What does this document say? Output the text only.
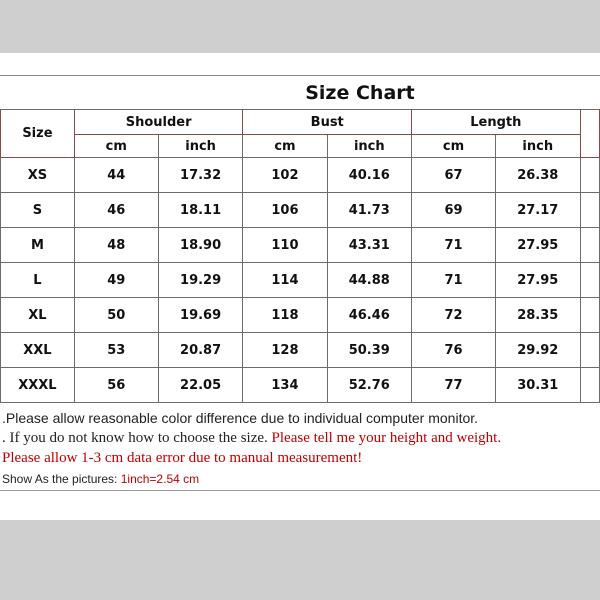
Size Chart
Size	Shoulder		Bust		Length		
	cm	inch	cm	inch	cm	inch	
XS	44	17.32	102	40.16	67	26.38	
S	46	18.11	106	41.73	69	27.17	
M	48	18.90	110	43.31	71	27.95	
L	49	19.29	114	44.88	71	27.95	
XL	50	19.69	118	46.46	72	28.35	
XXL	53	20.87	128	50.39	76	29.92	
XXXL	56	22.05	134	52.76	77	30.31	
.Please allow reasonable color difference due to individual computer monitor.
. If you do not know how to choose the size. Please tell me your height and weight.
Please allow 1-3 cm data error due to manual measurement!
Show As the pictures: 1inch=2.54 cm
